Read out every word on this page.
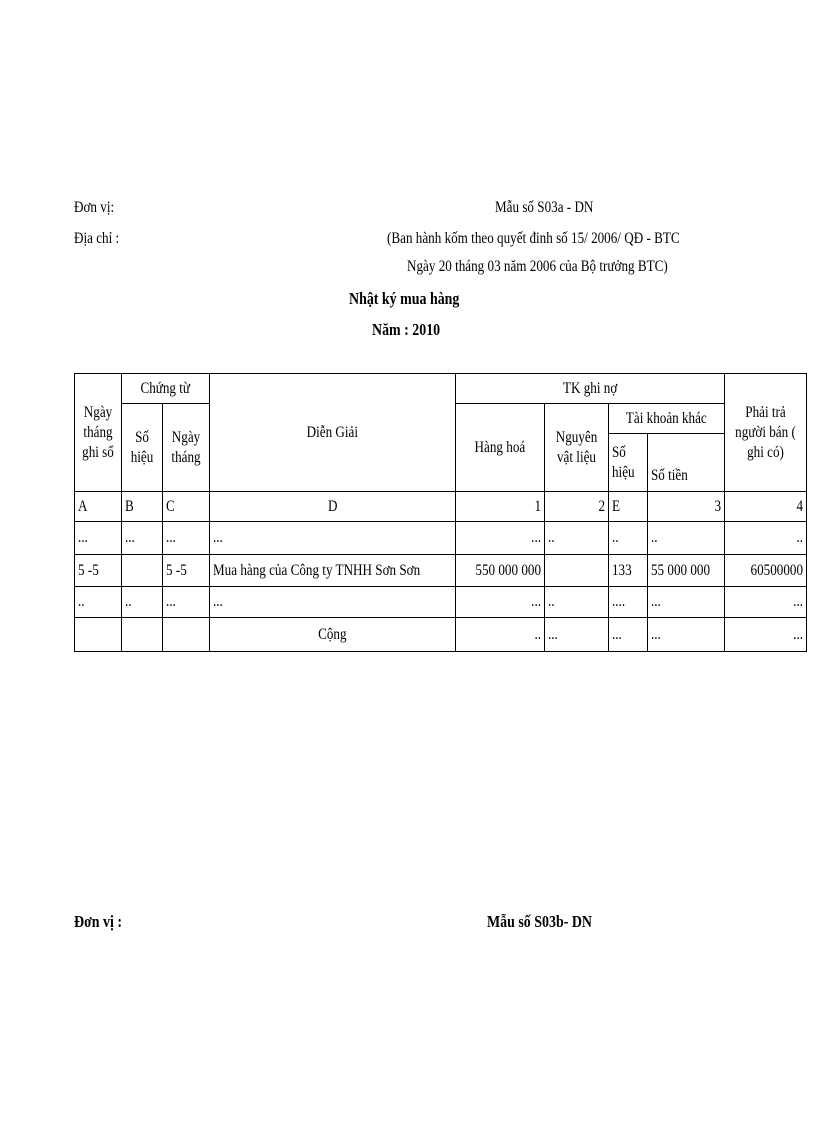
Đơn vị:
Địa chỉ :
Mẫu số S03a - DN
(Ban hành kốm theo quyết đinh số 15/ 2006/ QĐ - BTC
Ngày 20 tháng 03 năm 2006 của Bộ trưởng BTC)
Nhật ký mua hàng
Năm : 2010
Ngày tháng ghi sổ	Chứng từ		Diễn Giải	TK ghi nợ				Phải trả người bán ( ghi có)
	Số hiệu	Ngày tháng		Hàng hoá	Nguyên vật liệu	Tài khoản khác		
						Số hiệu	Số tiền	
A	B	C	D	1	2	E	3	4
...	...	...	...	...	..	..	..	..
5 -5		5 -5	Mua hàng của Công ty TNHH Sơn Sơn	550 000 000		133	55 000 000	60500000
..	..	...	...	...	..	....	...	...
			Cộng	..	...	...	...	...
Đơn vị :	Mẫu số S03b- DN
